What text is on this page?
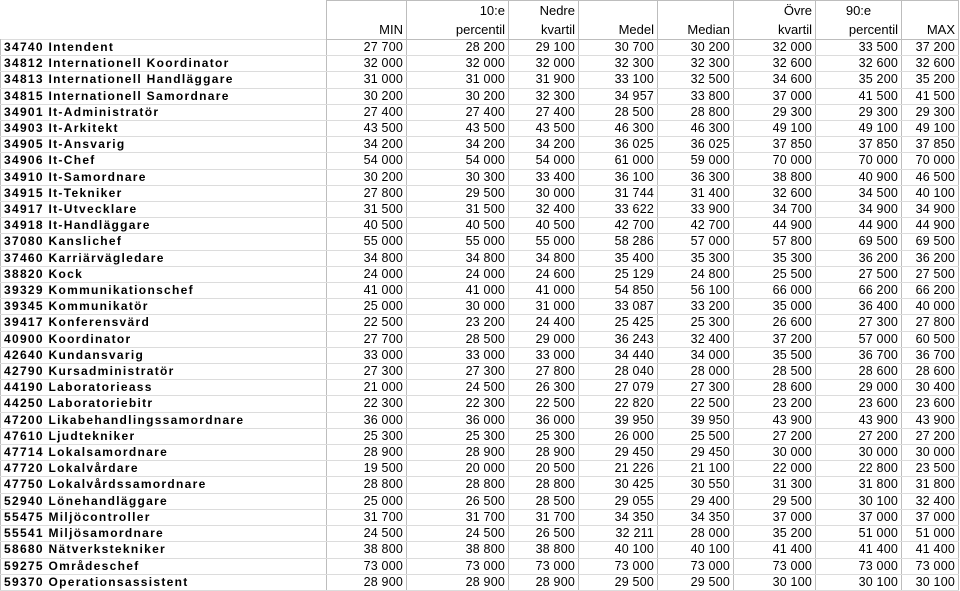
		10:e	Nedre			Övre	90:e	
	MIN	percentil	kvartil	Medel	Median	kvartil	percentil	MAX
34740 Intendent	27 700	28 200	29 100	30 700	30 200	32 000	33 500	37 200
34812 Internationell Koordinator	32 000	32 000	32 000	32 300	32 300	32 600	32 600	32 600
34813 Internationell Handläggare	31 000	31 000	31 900	33 100	32 500	34 600	35 200	35 200
34815 Internationell Samordnare	30 200	30 200	32 300	34 957	33 800	37 000	41 500	41 500
34901 It-Administratör	27 400	27 400	27 400	28 500	28 800	29 300	29 300	29 300
34903 It-Arkitekt	43 500	43 500	43 500	46 300	46 300	49 100	49 100	49 100
34905 It-Ansvarig	34 200	34 200	34 200	36 025	36 025	37 850	37 850	37 850
34906 It-Chef	54 000	54 000	54 000	61 000	59 000	70 000	70 000	70 000
34910 It-Samordnare	30 200	30 300	33 400	36 100	36 300	38 800	40 900	46 500
34915 It-Tekniker	27 800	29 500	30 000	31 744	31 400	32 600	34 500	40 100
34917 It-Utvecklare	31 500	31 500	32 400	33 622	33 900	34 700	34 900	34 900
34918 It-Handläggare	40 500	40 500	40 500	42 700	42 700	44 900	44 900	44 900
37080 Kanslichef	55 000	55 000	55 000	58 286	57 000	57 800	69 500	69 500
37460 Karriärvägledare	34 800	34 800	34 800	35 400	35 300	35 300	36 200	36 200
38820 Kock	24 000	24 000	24 600	25 129	24 800	25 500	27 500	27 500
39329 Kommunikationschef	41 000	41 000	41 000	54 850	56 100	66 000	66 200	66 200
39345 Kommunikatör	25 000	30 000	31 000	33 087	33 200	35 000	36 400	40 000
39417 Konferensvärd	22 500	23 200	24 400	25 425	25 300	26 600	27 300	27 800
40900 Koordinator	27 700	28 500	29 000	36 243	32 400	37 200	57 000	60 500
42640 Kundansvarig	33 000	33 000	33 000	34 440	34 000	35 500	36 700	36 700
42790 Kursadministratör	27 300	27 300	27 800	28 040	28 000	28 500	28 600	28 600
44190 Laboratorieass	21 000	24 500	26 300	27 079	27 300	28 600	29 000	30 400
44250 Laboratoriebitr	22 300	22 300	22 500	22 820	22 500	23 200	23 600	23 600
47200 Likabehandlingssamordnare	36 000	36 000	36 000	39 950	39 950	43 900	43 900	43 900
47610 Ljudtekniker	25 300	25 300	25 300	26 000	25 500	27 200	27 200	27 200
47714 Lokalsamordnare	28 900	28 900	28 900	29 450	29 450	30 000	30 000	30 000
47720 Lokalvårdare	19 500	20 000	20 500	21 226	21 100	22 000	22 800	23 500
47750 Lokalvårdssamordnare	28 800	28 800	28 800	30 425	30 550	31 300	31 800	31 800
52940 Lönehandläggare	25 000	26 500	28 500	29 055	29 400	29 500	30 100	32 400
55475 Miljöcontroller	31 700	31 700	31 700	34 350	34 350	37 000	37 000	37 000
55541 Miljösamordnare	24 500	24 500	26 500	32 211	28 000	35 200	51 000	51 000
58680 Nätverkstekniker	38 800	38 800	38 800	40 100	40 100	41 400	41 400	41 400
59275 Områdeschef	73 000	73 000	73 000	73 000	73 000	73 000	73 000	73 000
59370 Operationsassistent	28 900	28 900	28 900	29 500	29 500	30 100	30 100	30 100
